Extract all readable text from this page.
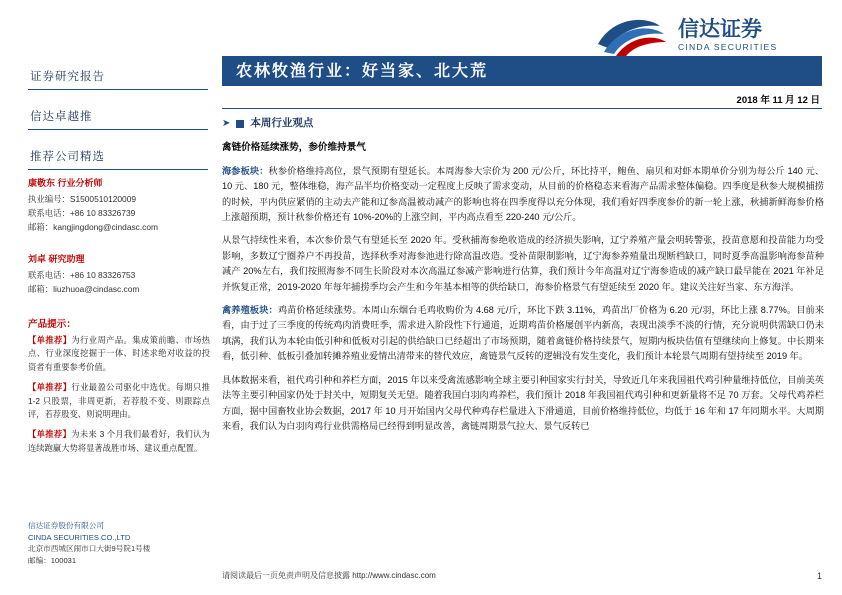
信达证券
CINDA SECURITIES
农林牧渔行业：好当家、北大荒
2018 年 11 月 12 日
证券研究报告
信达卓越推
推荐公司精选
康敬东 行业分析师
执业编号：S1500510120009
联系电话：+86 10 83326739
邮箱：kangjingdong@cindasc.com
刘卓 研究助理
联系电话：+86 10 83326753
邮箱：liuzhuoa@cindasc.com
产品提示：
【单推荐】为行业周产品。集成策前瞻、市场热点、行业深度挖掘于一体、时述求绝对收益的投资者有重要参考价值。
【单推荐】行业最盈公司驱化中选优。每期只推 1-2 只股票，非周更新，若荐股不变、则跟踪点评，若荐股变、则说明理由。
【单推荐】为未来 3 个月我们最看好，我们认为连续跑赢大势将显著战胜市场、建议重点配置。
信达证券股份有限公司
CINDA SECURITIES CO.,LTD
北京市西城区闹市口大街9号院1号楼
邮编：100031
➤ 本周行业观点

禽链价格延续涨势，参价维持景气

海参板块：秋参价格维持高位，景气预期有望延长。本周海参大宗价为 200 元/公斤，环比持平，鲍鱼、扇贝和对虾本期单价分别为每公斤 140 元、10 元、180 元，整体维稳，海产品半均价格变动一定程度上反映了需求变动，从目前的价格稳态来看海产品需求整体偏稳。四季度是秋参大规模捕捞的时候，平内供应紧俏的主动去产能和辽参高温被动减产的影响也将在四季度得以充分体现，我们看好四季度参价的新一轮上涨，秋捕新鲜海参价格上涨超预期，预计秋参价格还有 10%-20%的上涨空间，平内高点看至 220-240 元/公斤。

从景气持续性来看，本次参价景气有望延长至 2020 年。受秋捕海参绝收造成的经济损失影响，辽宁养殖产量会明转警张，投苗意愿和投苗能力均受影响，多数辽宁圈养户不再投苗，选择秋季对海参池进行除高温改造。受补苗限制影响，辽宁海参养殖量出现断档缺口，同时夏季高温影响海参苗种减产 20%左右，我们按照海参不同生长阶段对本次高温辽参减产影响进行估算，我们预计今年高温对辽宁海参造成的减产缺口最早能在 2021 年补足并恢复正常，2019-2020 年每年捕捞季均会产生和今年基本相等的供给缺口，海参价格景气有望延续至 2020 年。建议关注好当家、东方海洋。

禽养殖板块：鸡苗价格延续涨势。本周山东烟台毛鸡收购价为 4.68 元/斤，环比下跌 3.11%，鸡苗出厂价格为 6.20 元/羽，环比上涨 8.77%。目前来看，由于过了三季度的传统鸡肉消费旺季，需求进入阶段性下行通道，近期鸡苗价格屡创平内新高，表现出淡季不淡的行情，充分说明供需缺口仍未填满，我们认为本轮由低引种和低板对引起的供给缺口已经超出了市场预期，随着禽链价格持续景气，短期内板块估值有望继续向上修复。中长期来看，低引种、低板引叠加转摊养殖业爱情出清带来的替代效应，禽链景气反转的逻辑没有发生变化，我们预计本轮景气周期有望持续至 2019 年。

具体数据来看，祖代鸡引种和养栏方面，2015 年以来受禽流感影响全球主要引种国家实行封关，导致近几年来我国祖代鸡引种量维持低位，目前美英法等主要引种国家仍处于封关中，短期复关无望。随着我国白羽肉鸡养栏，我们预计 2018 年我国祖代鸡引种和更新量将不足 70 万套。父母代鸡养栏方面，据中国畜牧业协会数据，2017 年 10 月开始国内父母代种鸡存栏量进入下滑通道，目前价格维持低位，均低于 16 年和 17 年同期水平。大周期来看，我们认为白羽肉鸡行业供需格局已经得到明显改善，禽链周期景气拉大、景气反转已

请阅读最后一页免责声明及信息披露 http://www.cindasc.com	1
